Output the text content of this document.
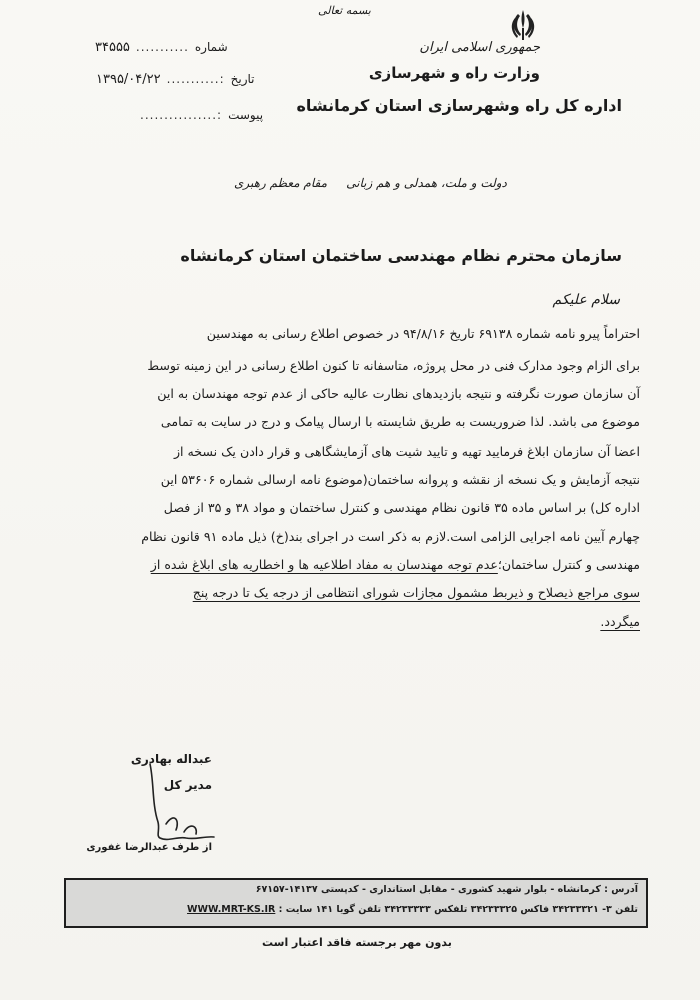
بسمه تعالی
جمهوری اسلامی ایران
وزارت راه و شهرسازی
اداره کل راه وشهرسازی استان کرمانشاه
شماره
...........
۳۴۵۵۵
تاریخ
:...........
۱۳۹۵/۰۴/۲۲
پیوست
:................
دولت و ملت، همدلی و هم زبانی     مقام معظم رهبری
سازمان محترم نظام مهندسی ساختمان استان کرمانشاه
سلام علیکم
احتراماً پیرو نامه شماره ۶۹۱۳۸ تاریخ ۹۴/۸/۱۶ در خصوص اطلاع رسانی به مهندسین
برای الزام وجود مدارک فنی در محل پروژه، متاسفانه تا کنون اطلاع رسانی در این زمینه توسط
آن سازمان صورت نگرفته و نتیجه بازدیدهای نظارت عالیه حاکی از عدم توجه مهندسان به این
موضوع می باشد. لذا ضروریست به طریق شایسته با ارسال پیامک و درج در سایت به تمامی
اعضا آن سازمان ابلاغ فرمایید تهیه و تایید شیت های آزمایشگاهی و قرار دادن یک نسخه از
نتیجه آزمایش و یک نسخه از نقشه و پروانه ساختمان(موضوع نامه ارسالی شماره ۵۳۶۰۶ این
اداره کل) بر اساس ماده ۳۵ قانون نظام مهندسی و کنترل ساختمان و مواد ۳۸ و ۳۵ از فصل
چهارم آیین نامه اجرایی الزامی است.لازم به ذکر است در اجرای بند(خ) ذیل ماده ۹۱ قانون نظام
مهندسی و کنترل ساختمان؛عدم توجه مهندسان به مفاد اطلاعیه ها و اخطاریه های ابلاغ شده از
سوی مراجع ذیصلاح و ذیربط مشمول مجازات شورای انتظامی از درجه یک تا درجه پنج
میگردد.
عبداله بهادری
مدیر کل
از طرف عبدالرضا غفوری
آدرس : کرمانشاه - بلوار شهید کشوری - مقابل استانداری - کدپستی ۱۴۱۳۷-۶۷۱۵۷
تلفن ۳- ۳۴۲۳۳۳۲۱ فاکس ۳۴۲۳۳۳۲۵ تلفکس ۳۴۲۳۳۳۳۳ تلفن گویا ۱۴۱ سایت : WWW.MRT-KS.IR
بدون مهر برجسته فاقد اعتبار است
